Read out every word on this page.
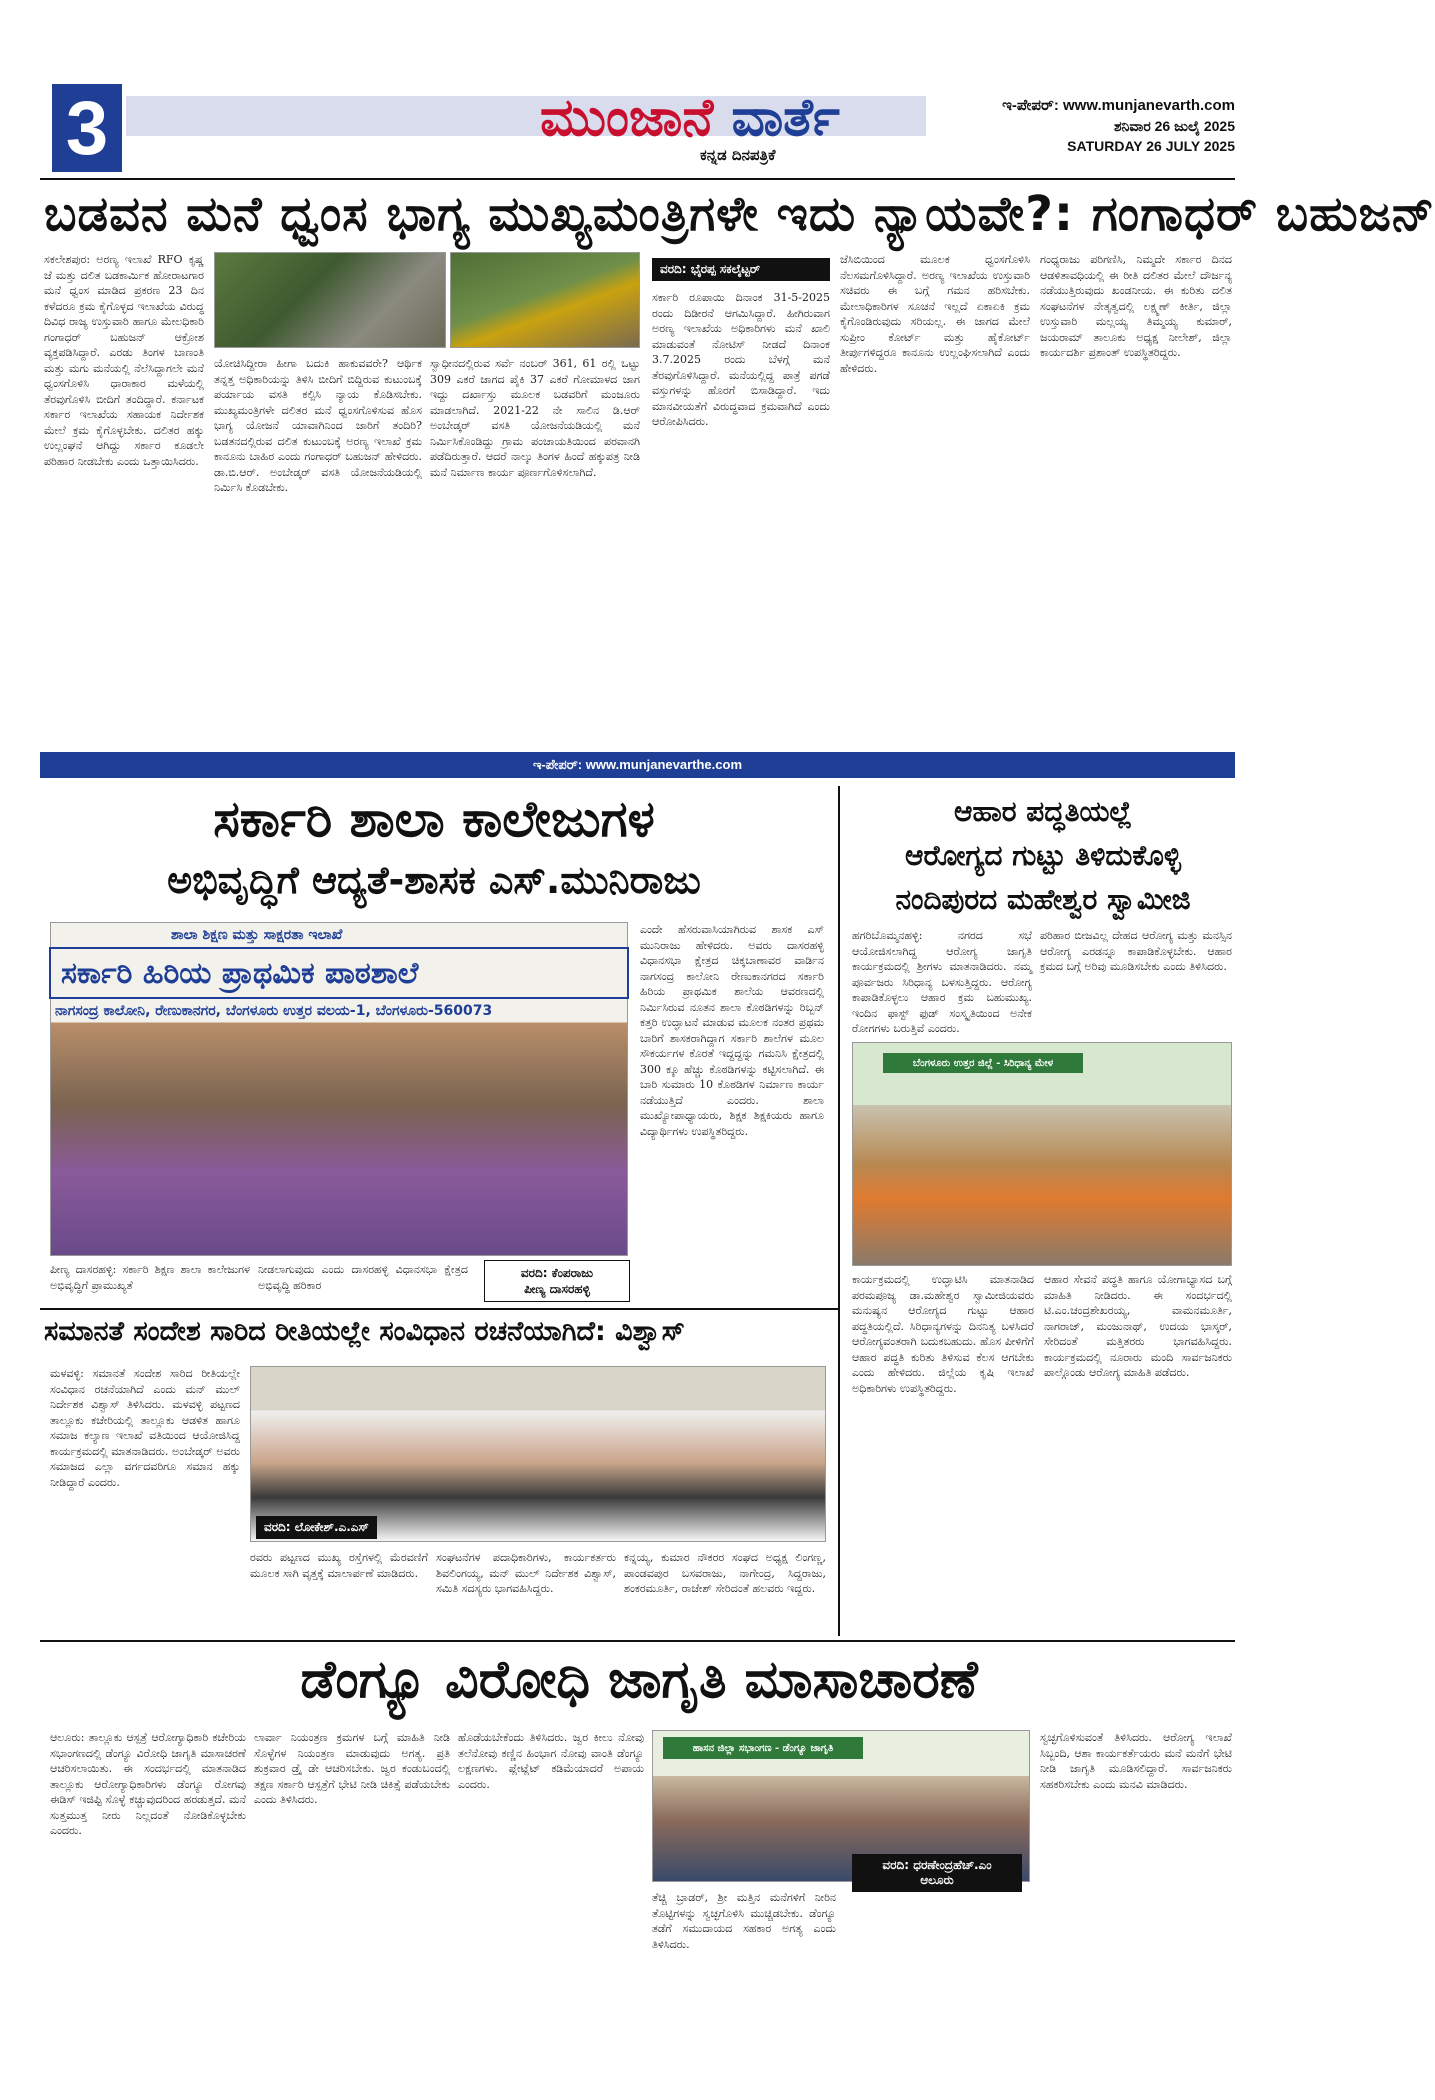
3	ಮುಂಜಾನೆ ವಾರ್ತೆ
ಕನ್ನಡ ದಿನಪತ್ರಿಕೆ
ಇ-ಪೇಪರ್: www.munjanevarth.com
ಶನಿವಾರ 26 ಜುಲೈ 2025
SATURDAY 26 JULY 2025
ಬಡವನ ಮನೆ ಧ್ವಂಸ ಭಾಗ್ಯ ಮುಖ್ಯಮಂತ್ರಿಗಳೇ ಇದು ನ್ಯಾಯವೇ?: ಗಂಗಾಧರ್ ಬಹುಜನ್
ಸಕಲೇಶಪುರ: ಅರಣ್ಯ ಇಲಾಖೆ RFO ಕೃಷ್ಣ ಜೆ ಮತ್ತು ದಲಿತ ಬಡಕಾರ್ಮಿಕ ಹೋರಾಟಗಾರ ಮನೆ ಧ್ವಂಸ ಮಾಡಿದ ಪ್ರಕರಣ 23 ದಿನ ಕಳೆದರೂ ಕ್ರಮ ಕೈಗೊಳ್ಳದ ಇಲಾಖೆಯ ವಿರುದ್ಧ ದಿವಿಧ ರಾಜ್ಯ ಉಸ್ತುವಾರಿ ಹಾಗೂ ಮೇಲಧಿಕಾರಿ ಗಂಗಾಧರ್ ಬಹುಜನ್ ಆಕ್ರೋಶ ವ್ಯಕ್ತಪಡಿಸಿದ್ದಾರೆ. ಎರಡು ತಿಂಗಳ ಬಾಣಂತಿ ಮತ್ತು ಮಗು ಮನೆಯಲ್ಲಿ ನೆಲೆಸಿದ್ದಾಗಲೇ ಮನೆ ಧ್ವಂಸಗೊಳಿಸಿ ಧಾರಾಕಾರ ಮಳೆಯಲ್ಲಿ ತೆರವುಗೊಳಿಸಿ ಬೀದಿಗೆ ತಂದಿದ್ದಾರೆ. ಕರ್ನಾಟಕ ಸರ್ಕಾರ ಇಲಾಖೆಯ ಸಹಾಯಕ ನಿರ್ದೇಶಕ ಮೇಲೆ ಕ್ರಮ ಕೈಗೊಳ್ಳಬೇಕು. ದಲಿತರ ಹಕ್ಕು ಉಲ್ಲಂಘನೆ ಆಗಿದ್ದು ಸರ್ಕಾರ ಕೂಡಲೇ ಪರಿಹಾರ ನೀಡಬೇಕು ಎಂದು ಒತ್ತಾಯಿಸಿದರು.
ಯೋಚಿಸಿದ್ದೀರಾ ಹೀಗಾ ಬದುಕಿ ಹಾಕುವವರೇ? ಆರ್ಥಿಕ ತನ್ನತ್ತ ಅಧಿಕಾರಿಯನ್ನು ತಿಳಿಸಿ ಬೀದಿಗೆ ಬಿದ್ದಿರುವ ಕುಟುಂಬಕ್ಕೆ ಪರ್ಯಾಯ ವಸತಿ ಕಲ್ಪಿಸಿ ನ್ಯಾಯ ಕೊಡಿಸಬೇಕು. ಮುಖ್ಯಮಂತ್ರಿಗಳೇ ದಲಿತರ ಮನೆ ಧ್ವಂಸಗೊಳಿಸುವ ಹೊಸ ಭಾಗ್ಯ ಯೋಜನೆ ಯಾವಾಗಿನಿಂದ ಜಾರಿಗೆ ತಂದಿರಿ? ಬಡತನದಲ್ಲಿರುವ ದಲಿತ ಕುಟುಂಬಕ್ಕೆ ಅರಣ್ಯ ಇಲಾಖೆ ಕ್ರಮ ಕಾನೂನು ಬಾಹಿರ ಎಂದು ಗಂಗಾಧರ್ ಬಹುಜನ್ ಹೇಳಿದರು. ಡಾ.ಬಿ.ಆರ್. ಅಂಬೇಡ್ಕರ್ ವಸತಿ ಯೋಜನೆಯಡಿಯಲ್ಲಿ ನಿರ್ಮಿಸಿ ಕೊಡಬೇಕು.
ಸ್ವಾಧೀನದಲ್ಲಿರುವ ಸರ್ವೆ ನಂಬರ್ 361, 61 ರಲ್ಲಿ ಒಟ್ಟು 309 ಎಕರೆ ಜಾಗದ ಪೈಕಿ 37 ಎಕರೆ ಗೋಮಾಳದ ಜಾಗ ಇದ್ದು ದರ್ಖಾಸ್ತು ಮೂಲಕ ಬಡವರಿಗೆ ಮಂಜೂರು ಮಾಡಲಾಗಿದೆ. 2021-22 ನೇ ಸಾಲಿನ ಡಿ.ಆರ್ ಅಂಬೇಡ್ಕರ್ ವಸತಿ ಯೋಜನೆಯಡಿಯಲ್ಲಿ ಮನೆ ನಿರ್ಮಿಸಿಕೊಂಡಿದ್ದು ಗ್ರಾಮ ಪಂಚಾಯತಿಯಿಂದ ಪರವಾನಗಿ ಪಡೆದಿರುತ್ತಾರೆ. ಆದರೆ ನಾಲ್ಕು ತಿಂಗಳ ಹಿಂದೆ ಹಕ್ಕುಪತ್ರ ನೀಡಿ ಮನೆ ನಿರ್ಮಾಣ ಕಾರ್ಯ ಪೂರ್ಣಗೊಳಿಸಲಾಗಿದೆ.
ವರದಿ: ಭೈರಪ್ಪ ಸಕಲೈಟ್ಟರ್
ಸರ್ಕಾರಿ ರೂಪಾಯಿ ದಿನಾಂಕ 31-5-2025 ರಂದು ದಿಡೀರನೆ ಆಗಮಿಸಿದ್ದಾರೆ. ಹೀಗಿರುವಾಗ ಅರಣ್ಯ ಇಲಾಖೆಯ ಅಧಿಕಾರಿಗಳು ಮನೆ ಖಾಲಿ ಮಾಡುವಂತೆ ನೋಟಿಸ್ ನೀಡದೆ ದಿನಾಂಕ 3.7.2025 ರಂದು ಬೆಳಗ್ಗೆ ಮನೆ ತೆರವುಗೊಳಿಸಿದ್ದಾರೆ. ಮನೆಯಲ್ಲಿದ್ದ ಪಾತ್ರೆ ಪಗಡೆ ವಸ್ತುಗಳನ್ನು ಹೊರಗೆ ಬಿಸಾಡಿದ್ದಾರೆ. ಇದು ಮಾನವೀಯತೆಗೆ ವಿರುದ್ಧವಾದ ಕ್ರಮವಾಗಿದೆ ಎಂದು ಆರೋಪಿಸಿದರು.
ಜೆಸಿಬಿಯಿಂದ ಮೂಲಕ ಧ್ವಂಸಗೊಳಿಸಿ ನೆಲಸಮಗೊಳಿಸಿದ್ದಾರೆ. ಅರಣ್ಯ ಇಲಾಖೆಯ ಉಸ್ತುವಾರಿ ಸಚಿವರು ಈ ಬಗ್ಗೆ ಗಮನ ಹರಿಸಬೇಕು. ಮೇಲಾಧಿಕಾರಿಗಳ ಸೂಚನೆ ಇಲ್ಲದೆ ಏಕಾಏಕಿ ಕ್ರಮ ಕೈಗೊಂಡಿರುವುದು ಸರಿಯಲ್ಲ. ಈ ಜಾಗದ ಮೇಲೆ ಸುಪ್ರೀಂ ಕೋರ್ಟ್ ಮತ್ತು ಹೈಕೋರ್ಟ್ ತೀರ್ಪುಗಳಿದ್ದರೂ ಕಾನೂನು ಉಲ್ಲಂಘಿಸಲಾಗಿದೆ ಎಂದು ಹೇಳಿದರು.
ಗಂಧ್ಯರಾಜು ಪರಿಗಣಿಸಿ, ನಿಮ್ಮದೇ ಸರ್ಕಾರ ದಿನದ ಆಡಳಿತಾವಧಿಯಲ್ಲಿ ಈ ರೀತಿ ದಲಿತರ ಮೇಲೆ ದೌರ್ಜನ್ಯ ನಡೆಯುತ್ತಿರುವುದು ಖಂಡನೀಯ. ಈ ಕುರಿತು ದಲಿತ ಸಂಘಟನೆಗಳ ನೇತೃತ್ವದಲ್ಲಿ ಲಕ್ಷ್ಮಣ್ ಕೀರ್ತಿ, ಜಿಲ್ಲಾ ಉಸ್ತುವಾರಿ ಮಲ್ಲಯ್ಯ ತಿಮ್ಮಯ್ಯ ಕುಮಾರ್, ಜಯರಾಮ್ ತಾಲೂಕು ಅಧ್ಯಕ್ಷ ನೀಲೇಶ್, ಜಿಲ್ಲಾ ಕಾರ್ಯದರ್ಶಿ ಪ್ರಶಾಂತ್ ಉಪಸ್ಥಿತರಿದ್ದರು.
ಇ-ಪೇಪರ್: www.munjanevarthe.com
ಸರ್ಕಾರಿ ಶಾಲಾ ಕಾಲೇಜುಗಳ
ಅಭಿವೃದ್ಧಿಗೆ ಆದ್ಯತೆ-ಶಾಸಕ ಎಸ್.ಮುನಿರಾಜು
ಶಾಲಾ ಶಿಕ್ಷಣ ಮತ್ತು ಸಾಕ್ಷರತಾ ಇಲಾಖೆ
ಸರ್ಕಾರಿ ಹಿರಿಯ ಪ್ರಾಥಮಿಕ ಪಾಠಶಾಲೆ
ನಾಗಸಂದ್ರ ಕಾಲೋನಿ, ರೇಣುಕಾನಗರ, ಬೆಂಗಳೂರು ಉತ್ತರ ವಲಯ-1, ಬೆಂಗಳೂರು-560073
ವರದಿ: ಕೆಂಪರಾಜು
ಪೀಣ್ಯ ದಾಸರಹಳ್ಳಿ
ಪೀಣ್ಯ ದಾಸರಹಳ್ಳಿ: ಸರ್ಕಾರಿ ಶಿಕ್ಷಣ ಶಾಲಾ ಕಾಲೇಜುಗಳ ಅಭಿವೃದ್ಧಿಗೆ ಪ್ರಾಮುಖ್ಯತೆ
ನೀಡಲಾಗುವುದು ಎಂದು ದಾಸರಹಳ್ಳಿ ವಿಧಾನಸಭಾ ಕ್ಷೇತ್ರದ ಅಭಿವೃದ್ಧಿ ಹರಿಕಾರ
ಎಂದೇ ಹೆಸರುವಾಸಿಯಾಗಿರುವ ಶಾಸಕ ಎಸ್ ಮುನಿರಾಜು ಹೇಳಿದರು. ಅವರು ದಾಸರಹಳ್ಳಿ ವಿಧಾನಸಭಾ ಕ್ಷೇತ್ರದ ಚಿಕ್ಕಬಾಣಾವರ ವಾರ್ಡಿನ ನಾಗಸಂದ್ರ ಕಾಲೋನಿ ರೇಣುಕಾನಗರದ ಸರ್ಕಾರಿ ಹಿರಿಯ ಪ್ರಾಥಮಿಕ ಶಾಲೆಯ ಆವರಣದಲ್ಲಿ ನಿರ್ಮಿಸಿರುವ ನೂತನ ಶಾಲಾ ಕೊಠಡಿಗಳನ್ನು ರಿಬ್ಬನ್ ಕತ್ತರಿ ಉದ್ಘಾಟನೆ ಮಾಡುವ ಮೂಲಕ ನಂತರ ಪ್ರಥಮ ಬಾರಿಗೆ ಶಾಸಕರಾಗಿದ್ದಾಗ ಸರ್ಕಾರಿ ಶಾಲೆಗಳ ಮೂಲ ಸೌಕರ್ಯಗಳ ಕೊರತೆ ಇದ್ದದ್ದನ್ನು ಗಮನಿಸಿ ಕ್ಷೇತ್ರದಲ್ಲಿ 300 ಕ್ಕೂ ಹೆಚ್ಚು ಕೊಠಡಿಗಳನ್ನು ಕಟ್ಟಿಸಲಾಗಿದೆ. ಈ ಬಾರಿ ಸುಮಾರು 10 ಕೊಠಡಿಗಳ ನಿರ್ಮಾಣ ಕಾರ್ಯ ನಡೆಯುತ್ತಿದೆ ಎಂದರು. ಶಾಲಾ ಮುಖ್ಯೋಪಾಧ್ಯಾಯರು, ಶಿಕ್ಷಕ ಶಿಕ್ಷಕಿಯರು ಹಾಗೂ ವಿದ್ಯಾರ್ಥಿಗಳು ಉಪಸ್ಥಿತರಿದ್ದರು.
ಆಹಾರ ಪದ್ಧತಿಯಲ್ಲೆ
ಆರೋಗ್ಯದ ಗುಟ್ಟು ತಿಳಿದುಕೊಳ್ಳಿ
ನಂದಿಪುರದ ಮಹೇಶ್ವರ ಸ್ವಾಮೀಜಿ
ಹಗರಿಬೊಮ್ಮನಹಳ್ಳಿ: ನಗರದ ಸಭೆ ಆಯೋಜಿಸಲಾಗಿದ್ದ ಆರೋಗ್ಯ ಜಾಗೃತಿ ಕಾರ್ಯಕ್ರಮದಲ್ಲಿ ಶ್ರೀಗಳು ಮಾತನಾಡಿದರು. ನಮ್ಮ ಪೂರ್ವಜರು ಸಿರಿಧಾನ್ಯ ಬಳಸುತ್ತಿದ್ದರು. ಆರೋಗ್ಯ ಕಾಪಾಡಿಕೊಳ್ಳಲು ಆಹಾರ ಕ್ರಮ ಬಹುಮುಖ್ಯ. ಇಂದಿನ ಫಾಸ್ಟ್ ಫುಡ್ ಸಂಸ್ಕೃತಿಯಿಂದ ಅನೇಕ ರೋಗಗಳು ಬರುತ್ತಿವೆ ಎಂದರು.
ಪರಿಹಾರ ಬೀಜವಿಲ್ಲ ದೇಹದ ಆರೋಗ್ಯ ಮತ್ತು ಮನಸ್ಸಿನ ಆರೋಗ್ಯ ಎರಡನ್ನೂ ಕಾಪಾಡಿಕೊಳ್ಳಬೇಕು. ಆಹಾರ ಕ್ರಮದ ಬಗ್ಗೆ ಅರಿವು ಮೂಡಿಸಬೇಕು ಎಂದು ತಿಳಿಸಿದರು.
ಬೆಂಗಳೂರು ಉತ್ತರ ಜಿಲ್ಲೆ - ಸಿರಿಧಾನ್ಯ ಮೇಳ
ಕಾರ್ಯಕ್ರಮದಲ್ಲಿ ಉದ್ಘಾಟಿಸಿ ಮಾತನಾಡಿದ ಪರಮಪೂಜ್ಯ ಡಾ.ಮಹೇಶ್ವರ ಸ್ವಾಮೀಜಿಯವರು ಮನುಷ್ಯನ ಆರೋಗ್ಯದ ಗುಟ್ಟು ಆಹಾರ ಪದ್ಧತಿಯಲ್ಲಿದೆ. ಸಿರಿಧಾನ್ಯಗಳನ್ನು ದಿನನಿತ್ಯ ಬಳಸಿದರೆ ಆರೋಗ್ಯವಂತರಾಗಿ ಬದುಕಬಹುದು. ಹೊಸ ಪೀಳಿಗೆಗೆ ಆಹಾರ ಪದ್ಧತಿ ಕುರಿತು ತಿಳಿಸುವ ಕೆಲಸ ಆಗಬೇಕು ಎಂದು ಹೇಳಿದರು. ಜಿಲ್ಲೆಯ ಕೃಷಿ ಇಲಾಖೆ ಅಧಿಕಾರಿಗಳು ಉಪಸ್ಥಿತರಿದ್ದರು.
ಆಹಾರ ಸೇವನೆ ಪದ್ಧತಿ ಹಾಗೂ ಯೋಗಾಭ್ಯಾಸದ ಬಗ್ಗೆ ಮಾಹಿತಿ ನೀಡಿದರು. ಈ ಸಂದರ್ಭದಲ್ಲಿ ಟಿ.ಎಂ.ಚಂದ್ರಶೇಖರಯ್ಯ, ವಾಮನಮೂರ್ತಿ, ನಾಗರಾಜ್, ಮಂಜುನಾಥ್, ಉದಯ ಭಾಸ್ಕರ್, ಸೇರಿದಂತೆ ಮತ್ತಿತರರು ಭಾಗವಹಿಸಿದ್ದರು. ಕಾರ್ಯಕ್ರಮದಲ್ಲಿ ನೂರಾರು ಮಂದಿ ಸಾರ್ವಜನಿಕರು ಪಾಲ್ಗೊಂಡು ಆರೋಗ್ಯ ಮಾಹಿತಿ ಪಡೆದರು.
ಸಮಾನತೆ ಸಂದೇಶ ಸಾರಿದ ರೀತಿಯಲ್ಲೇ ಸಂವಿಧಾನ ರಚನೆಯಾಗಿದೆ: ವಿಶ್ವಾಸ್
ಮಳವಳ್ಳಿ: ಸಮಾನತೆ ಸಂದೇಶ ಸಾರಿದ ರೀತಿಯಲ್ಲೇ ಸಂವಿಧಾನ ರಚನೆಯಾಗಿದೆ ಎಂದು ಮನ್ ಮುಲ್ ನಿರ್ದೇಶಕ ವಿಶ್ವಾಸ್ ತಿಳಿಸಿದರು. ಮಳವಳ್ಳಿ ಪಟ್ಟಣದ ತಾಲ್ಲೂಕು ಕಚೇರಿಯಲ್ಲಿ ತಾಲ್ಲೂಕು ಆಡಳಿತ ಹಾಗೂ ಸಮಾಜ ಕಲ್ಯಾಣ ಇಲಾಖೆ ವತಿಯಿಂದ ಆಯೋಜಿಸಿದ್ದ ಕಾರ್ಯಕ್ರಮದಲ್ಲಿ ಮಾತನಾಡಿದರು. ಅಂಬೇಡ್ಕರ್ ಅವರು ಸಮಾಜದ ಎಲ್ಲಾ ವರ್ಗದವರಿಗೂ ಸಮಾನ ಹಕ್ಕು ನೀಡಿದ್ದಾರೆ ಎಂದರು.
ವರದಿ: ಲೋಕೇಶ್.ಎ.ಎಸ್
ರವರು ಪಟ್ಟಣದ ಮುಖ್ಯ ರಸ್ತೆಗಳಲ್ಲಿ ಮೆರವಣಿಗೆ ಮೂಲಕ ಸಾಗಿ ವೃತ್ತಕ್ಕೆ ಮಾಲಾರ್ಪಣೆ ಮಾಡಿದರು.
ಸಂಘಟನೆಗಳ ಪದಾಧಿಕಾರಿಗಳು, ಕಾರ್ಯಕರ್ತರು ಶಿವಲಿಂಗಯ್ಯ, ಮನ್ ಮುಲ್ ನಿರ್ದೇಶಕ ವಿಶ್ವಾಸ್, ಸಮಿತಿ ಸದಸ್ಯರು ಭಾಗವಹಿಸಿದ್ದರು.
ಕನ್ನಯ್ಯ, ಕುಮಾರ ನೌಕರರ ಸಂಘದ ಅಧ್ಯಕ್ಷ ಲಿಂಗಣ್ಣ, ಪಾಂಡವಪುರ ಬಸವರಾಜು, ನಾಗೇಂದ್ರ, ಸಿದ್ದರಾಜು, ಶಂಕರಮೂರ್ತಿ, ರಾಜೇಶ್ ಸೇರಿದಂತೆ ಹಲವರು ಇದ್ದರು.
ಡೆಂಗ್ಯೂ ವಿರೋಧಿ ಜಾಗೃತಿ ಮಾಸಾಚಾರಣೆ
ಆಲೂರು: ತಾಲ್ಲೂಕು ಆಸ್ಪತ್ರೆ ಆರೋಗ್ಯಾಧಿಕಾರಿ ಕಚೇರಿಯ ಸಭಾಂಗಣದಲ್ಲಿ ಡೆಂಗ್ಯೂ ವಿರೋಧಿ ಜಾಗೃತಿ ಮಾಸಾಚರಣೆ ಆಚರಿಸಲಾಯಿತು. ಈ ಸಂದರ್ಭದಲ್ಲಿ ಮಾತನಾಡಿದ ತಾಲ್ಲೂಕು ಆರೋಗ್ಯಾಧಿಕಾರಿಗಳು ಡೆಂಗ್ಯೂ ರೋಗವು ಈಡಿಸ್ ಇಜಿಪ್ಟಿ ಸೊಳ್ಳೆ ಕಚ್ಚುವುದರಿಂದ ಹರಡುತ್ತದೆ. ಮನೆ ಸುತ್ತಮುತ್ತ ನೀರು ನಿಲ್ಲದಂತೆ ನೋಡಿಕೊಳ್ಳಬೇಕು ಎಂದರು.
ಲಾರ್ವಾ ನಿಯಂತ್ರಣ ಕ್ರಮಗಳ ಬಗ್ಗೆ ಮಾಹಿತಿ ನೀಡಿ ಸೊಳ್ಳೆಗಳ ನಿಯಂತ್ರಣ ಮಾಡುವುದು ಅಗತ್ಯ. ಪ್ರತಿ ಶುಕ್ರವಾರ ಡ್ರೈ ಡೇ ಆಚರಿಸಬೇಕು. ಜ್ವರ ಕಂಡುಬಂದಲ್ಲಿ ತಕ್ಷಣ ಸರ್ಕಾರಿ ಆಸ್ಪತ್ರೆಗೆ ಭೇಟಿ ನೀಡಿ ಚಿಕಿತ್ಸೆ ಪಡೆಯಬೇಕು ಎಂದು ತಿಳಿಸಿದರು.
ಹೊಡೆಯಬೇಕೆಂದು ತಿಳಿಸಿದರು. ಜ್ವರ ಕೀಲು ನೋವು ತಲೆನೋವು ಕಣ್ಣಿನ ಹಿಂಭಾಗ ನೋವು ವಾಂತಿ ಡೆಂಗ್ಯೂ ಲಕ್ಷಣಗಳು. ಪ್ಲೇಟ್ಲೆಟ್ ಕಡಿಮೆಯಾದರೆ ಅಪಾಯ ಎಂದರು.
ಹಾಸನ ಜಿಲ್ಲಾ ಸಭಾಂಗಣ - ಡೆಂಗ್ಯೂ ಜಾಗೃತಿ
ವರದಿ: ಧರಣೇಂದ್ರಹೆಚ್.ಎಂ
ಆಲೂರು
ತೆಚ್ಚಿ ಬ್ರಾಡರ್, ಶ್ರೀ ಮತ್ತಿನ ಮನೆಗಳಿಗೆ ನೀರಿನ ತೊಟ್ಟಿಗಳನ್ನು ಸ್ವಚ್ಛಗೊಳಿಸಿ ಮುಚ್ಚಿಡಬೇಕು. ಡೆಂಗ್ಯೂ ತಡೆಗೆ ಸಮುದಾಯದ ಸಹಕಾರ ಅಗತ್ಯ ಎಂದು ತಿಳಿಸಿದರು.
ಸ್ವಚ್ಛಗೊಳಿಸುವಂತೆ ತಿಳಿಸಿದರು. ಆರೋಗ್ಯ ಇಲಾಖೆ ಸಿಬ್ಬಂದಿ, ಆಶಾ ಕಾರ್ಯಕರ್ತೆಯರು ಮನೆ ಮನೆಗೆ ಭೇಟಿ ನೀಡಿ ಜಾಗೃತಿ ಮೂಡಿಸಲಿದ್ದಾರೆ. ಸಾರ್ವಜನಿಕರು ಸಹಕರಿಸಬೇಕು ಎಂದು ಮನವಿ ಮಾಡಿದರು.
